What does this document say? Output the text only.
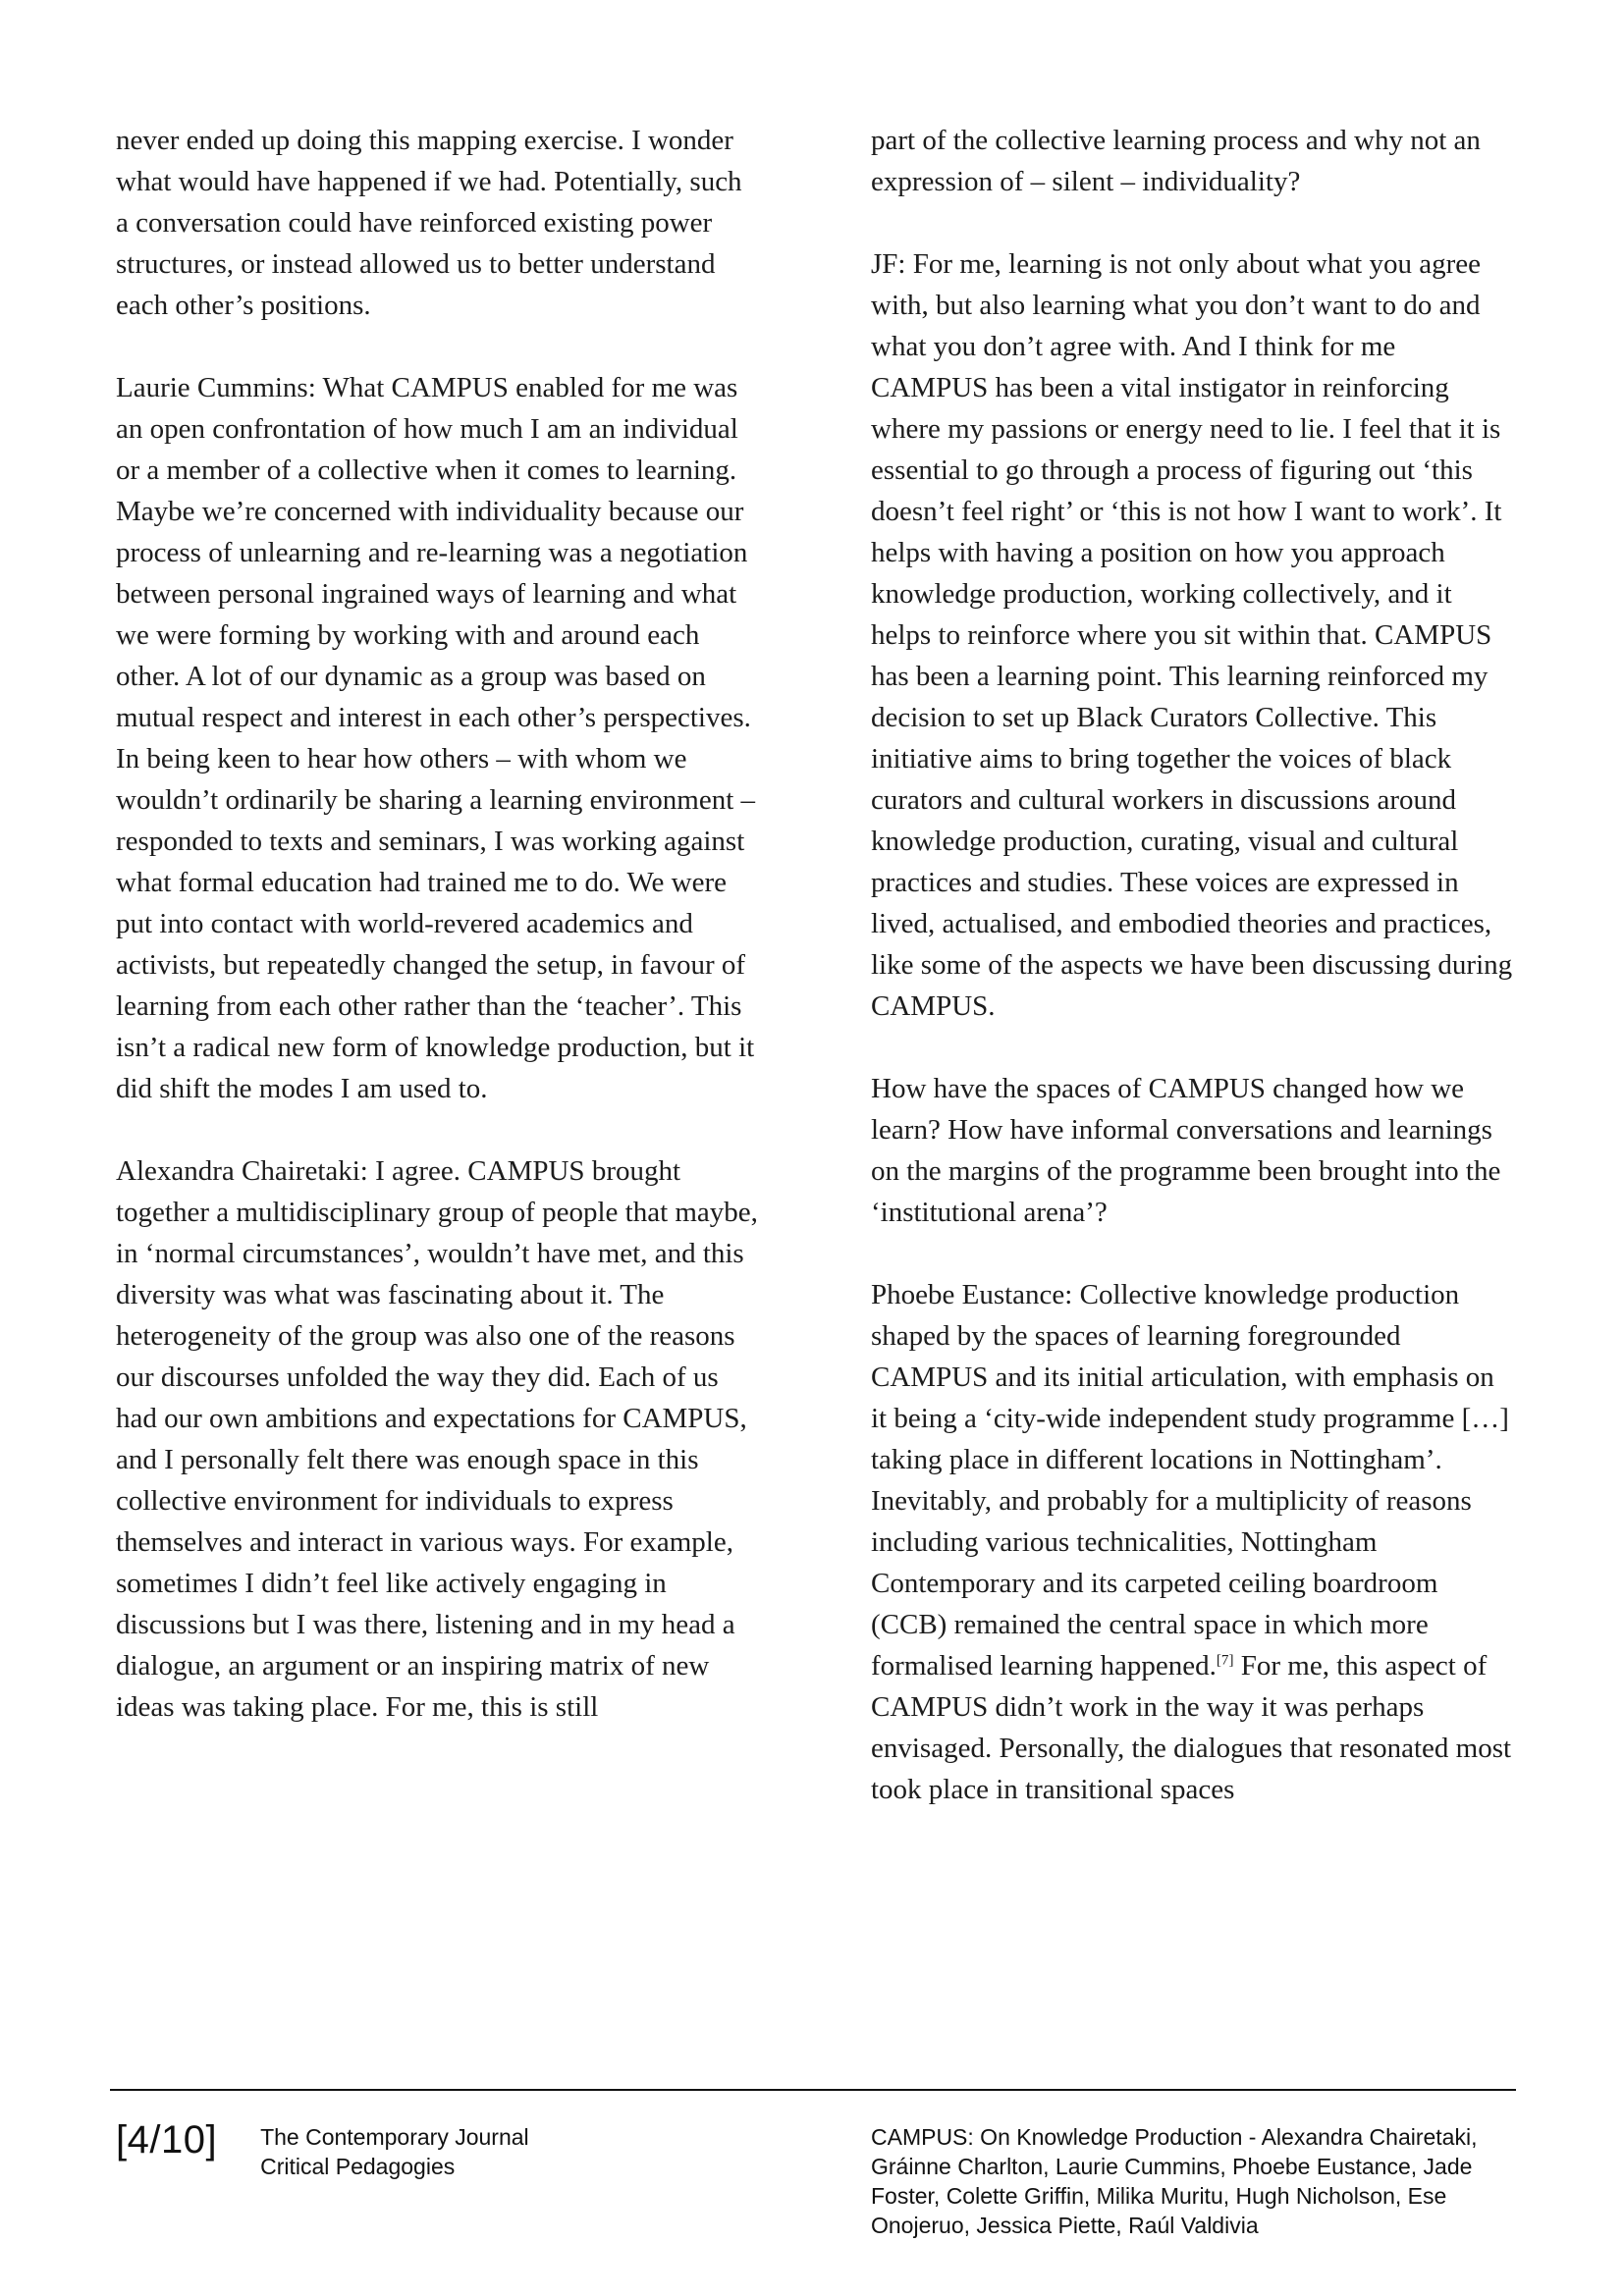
never ended up doing this mapping exercise. I wonder what would have happened if we had. Potentially, such a conversation could have reinforced existing power structures, or instead allowed us to better understand each other’s positions.

Laurie Cummins: What CAMPUS enabled for me was an open confrontation of how much I am an individual or a member of a collective when it comes to learning. Maybe we’re concerned with individuality because our process of unlearning and re-learning was a negotiation between personal ingrained ways of learning and what we were forming by working with and around each other. A lot of our dynamic as a group was based on mutual respect and interest in each other’s perspectives. In being keen to hear how others – with whom we wouldn’t ordinarily be sharing a learning environment – responded to texts and seminars, I was working against what formal education had trained me to do. We were put into contact with world-revered academics and activists, but repeatedly changed the setup, in favour of learning from each other rather than the ‘teacher’. This isn’t a radical new form of knowledge production, but it did shift the modes I am used to.

Alexandra Chairetaki: I agree. CAMPUS brought together a multidisciplinary group of people that maybe, in ‘normal circumstances’, wouldn’t have met, and this diversity was what was fascinating about it. The heterogeneity of the group was also one of the reasons our discourses unfolded the way they did. Each of us had our own ambitions and expectations for CAMPUS, and I personally felt there was enough space in this collective environment for individuals to express themselves and interact in various ways. For example, sometimes I didn’t feel like actively engaging in discussions but I was there, listening and in my head a dialogue, an argument or an inspiring matrix of new ideas was taking place. For me, this is still

part of the collective learning process and why not an expression of – silent – individuality?

JF: For me, learning is not only about what you agree with, but also learning what you don’t want to do and what you don’t agree with. And I think for me CAMPUS has been a vital instigator in reinforcing where my passions or energy need to lie. I feel that it is essential to go through a process of figuring out ‘this doesn’t feel right’ or ‘this is not how I want to work’. It helps with having a position on how you approach knowledge production, working collectively, and it helps to reinforce where you sit within that. CAMPUS has been a learning point. This learning reinforced my decision to set up Black Curators Collective. This initiative aims to bring together the voices of black curators and cultural workers in discussions around knowledge production, curating, visual and cultural practices and studies. These voices are expressed in lived, actualised, and embodied theories and practices, like some of the aspects we have been discussing during CAMPUS.

How have the spaces of CAMPUS changed how we learn? How have informal conversations and learnings on the margins of the programme been brought into the ‘institutional arena’?

Phoebe Eustance: Collective knowledge production shaped by the spaces of learning foregrounded CAMPUS and its initial articulation, with emphasis on it being a ‘city-wide independent study programme […] taking place in different locations in Nottingham’. Inevitably, and probably for a multiplicity of reasons including various technicalities, Nottingham Contemporary and its carpeted ceiling boardroom (CCB) remained the central space in which more formalised learning happened.[7] For me, this aspect of CAMPUS didn’t work in the way it was perhaps envisaged. Personally, the dialogues that resonated most took place in transitional spaces

[4/10] The Contemporary Journal
Critical Pedagogies
CAMPUS: On Knowledge Production - Alexandra Chairetaki, Gráinne Charlton, Laurie Cummins, Phoebe Eustance, Jade Foster, Colette Griffin, Milika Muritu, Hugh Nicholson, Ese Onojeruo, Jessica Piette, Raúl Valdivia
